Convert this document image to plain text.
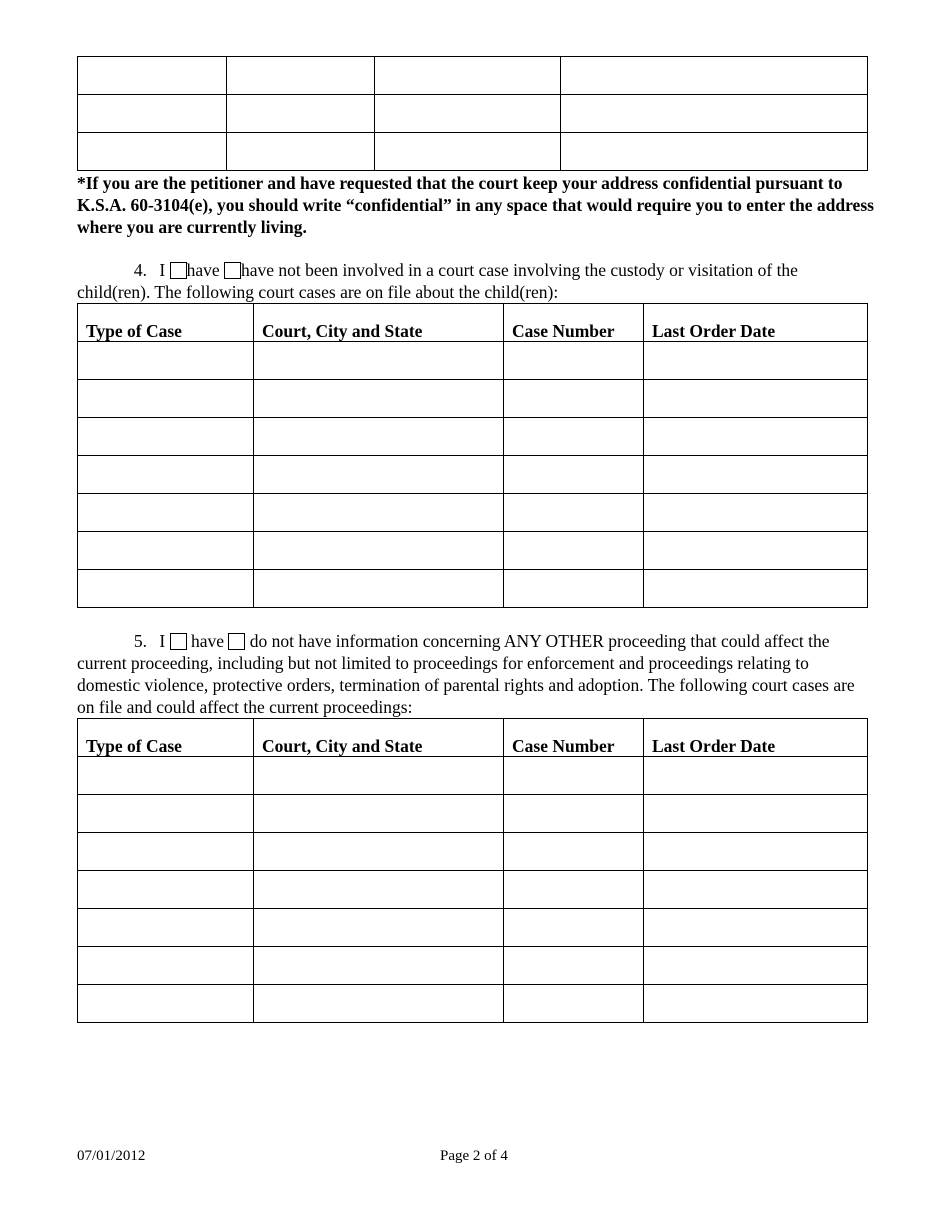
*If you are the petitioner and have requested that the court keep your address confidential pursuant to K.S.A. 60-3104(e), you should write “confidential” in any space that would require you to enter the address where you are currently living.
4. I have have not been involved in a court case involving the custody or visitation of the child(ren). The following court cases are on file about the child(ren):
Type of Case	Court, City and State	Case Number	Last Order Date

5. I have do not have information concerning ANY OTHER proceeding that could affect the current proceeding, including but not limited to proceedings for enforcement and proceedings relating to domestic violence, protective orders, termination of parental rights and adoption. The following court cases are on file and could affect the current proceedings:
Type of Case	Court, City and State	Case Number	Last Order Date

07/01/2012	Page 2 of 4
